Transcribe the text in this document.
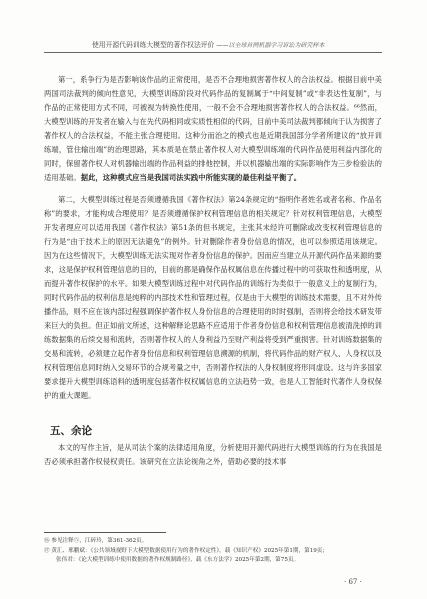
使用开源代码训练大模型的著作权法评价 ——以全球首例机器学习诉讼为研究样本

第一，系争行为是否影响该作品的正常使用，是否不合理地损害著作权人的合法权益。根据目前中美两国司法裁判的倾向性意见，大模型训练阶段对代码作品的复制属于“中间复制”或“非表达性复制”，与作品的正常使用方式不同，可被视为转换性使用，一般不会不合理地损害著作权人的合法权益。⁶⁶然而，大模型训练的开发者在输入与在先代码相同或实质性相似的代码，目前中美司法裁判都倾向于认为损害了著作权人的合法权益，不能主张合理使用。这种分而治之的模式也是近期我国部分学者所建议的“放开训练端，管住输出端”的治理思路，其本质是在禁止著作权人对大模型训练端的代码作品使用利益内部化的同时，保留著作权人对机器输出端的作品利益的排他控制，并以机器输出端的实际影响作为三步检验法的适用基础。据此，这种模式应当是我国司法实践中所能实现的最佳利益平衡了。

第二，大模型训练过程是否须遵循我国《著作权法》第24条规定的“指明作者姓名或者名称、作品名称”的要求，才能构成合理使用？是否须遵循保护权利管理信息的相关规定？针对权利管理信息，大模型开发者理应可以适用我国《著作权法》第51条的但书规定，主张其未经许可删除或改变权利管理信息的行为是“由于技术上的原因无法避免”的例外。针对删除作者身份信息的情况，也可以参照适用该规定。因为在这些情况下，大模型训练无法实现对作者身份信息的保护。因而应当建立从开源代码作品来源的要求，这是保护权利管理信息的目的，目前的都是确保作品权属信息在传播过程中的可获取性和透明度，从而提升著作权保护的水平。如果大模型训练过程中对代码作品的训练行为类似于一般意义上的复制行为，同时代码作品的权利信息是纯粹的内部技术性和管理过程，仅是由于大模型的训练技术需要，且不对外传播作品，则不应在该内部过程强调保护著作权人身份信息的合理使用的时时强制，否则将会给技术研发带来巨大的负担。但正如前文所述，这种解释论思路不应适用于作者身份信息和权利管理信息被清洗掉的训练数据集的后续交易和流转，否则著作权人的人身利益乃至财产利益将受到严重损害。针对训练数据集的交易和流转，必须建立起作者身份信息和权利管理信息溯源的机制，将代码作品的财产权人、人身权以及权利管理信息同时纳入交易环节的合规考量之中，否则著作权法的人身权制度将形同虚设。这与许多国家要求提升大模型训练语料的透明度包括著作权权属信息的立法趋势一致，也是人工智能时代著作人身权保护的重大课题。

五、余论

本文的写作主旨，是从司法个案的法律适用角度，分析使用开源代码进行大模型训练的行为在我国是否必须承担著作权侵权责任。该研究在立法论视角之外，借助必要的技术事

⑯ 参见注释⑤，江碎玲，第361-362页。

⑰ 黄汇、邢鹏斌：《公共领域视野下大模型数据使用行为的著作权定性》，载《知识产权》2025年第1期，第19页；

张伟君：《论大模型训练中使用数据的著作权规制路径》，载《东方法学》2025年第2期，第75页。

· 67 ·
